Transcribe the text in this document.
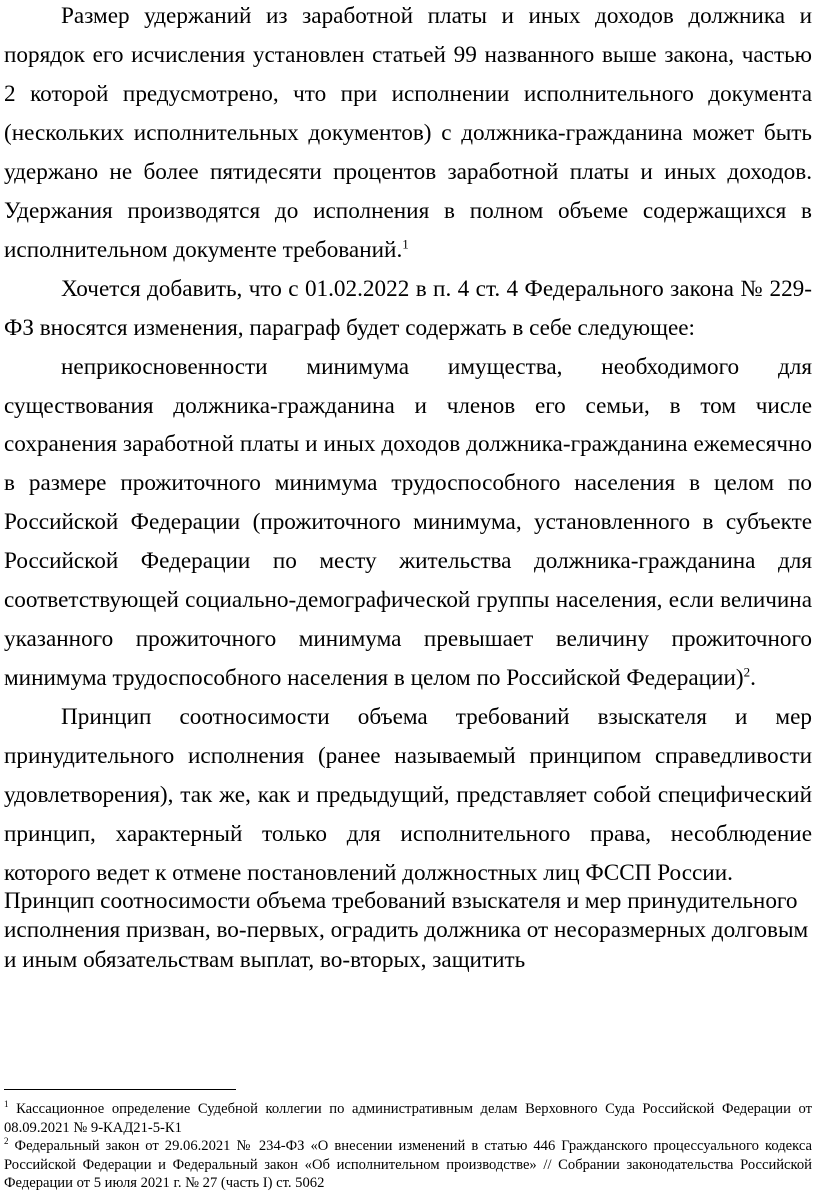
Размер удержаний из заработной платы и иных доходов должника и порядок его исчисления установлен статьей 99 названного выше закона, частью 2 которой предусмотрено, что при исполнении исполнительного документа (нескольких исполнительных документов) с должника-гражданина может быть удержано не более пятидесяти процентов заработной платы и иных доходов. Удержания производятся до исполнения в полном объеме содержащихся в исполнительном документе требований.$^1$

Хочется добавить, что с 01.02.2022 в п. 4 ст. 4 Федерального закона № 229-ФЗ вносятся изменения, параграф будет содержать в себе следующее:

неприкосновенности минимума имущества, необходимого для существования должника-гражданина и членов его семьи, в том числе сохранения заработной платы и иных доходов должника-гражданина ежемесячно в размере прожиточного минимума трудоспособного населения в целом по Российской Федерации (прожиточного минимума, установленного в субъекте Российской Федерации по месту жительства должника-гражданина для соответствующей социально-демографической группы населения, если величина указанного прожиточного минимума превышает величину прожиточного минимума трудоспособного населения в целом по Российской Федерации)$^2$.

Принцип соотносимости объема требований взыскателя и мер принудительного исполнения (ранее называемый принципом справедливости удовлетворения), так же, как и предыдущий, представляет собой специфический принцип, характерный только для исполнительного права, несоблюдение которого ведет к отмене постановлений должностных лиц ФССП России.

Принцип соотносимости объема требований взыскателя и мер принудительного исполнения призван, во-первых, оградить должника от несоразмерных долговым и иным обязательствам выплат, во-вторых, защитить

$^1$ Кассационное определение Судебной коллегии по административным делам Верховного Суда Российской Федерации от 08.09.2021 № 9-КАД21-5-К1

$^2$ Федеральный закон от 29.06.2021 № 234-ФЗ «О внесении изменений в статью 446 Гражданского процессуального кодекса Российской Федерации и Федеральный закон «Об исполнительном производстве» // Собрании законодательства Российской Федерации от 5 июля 2021 г. № 27 (часть I) ст. 5062
